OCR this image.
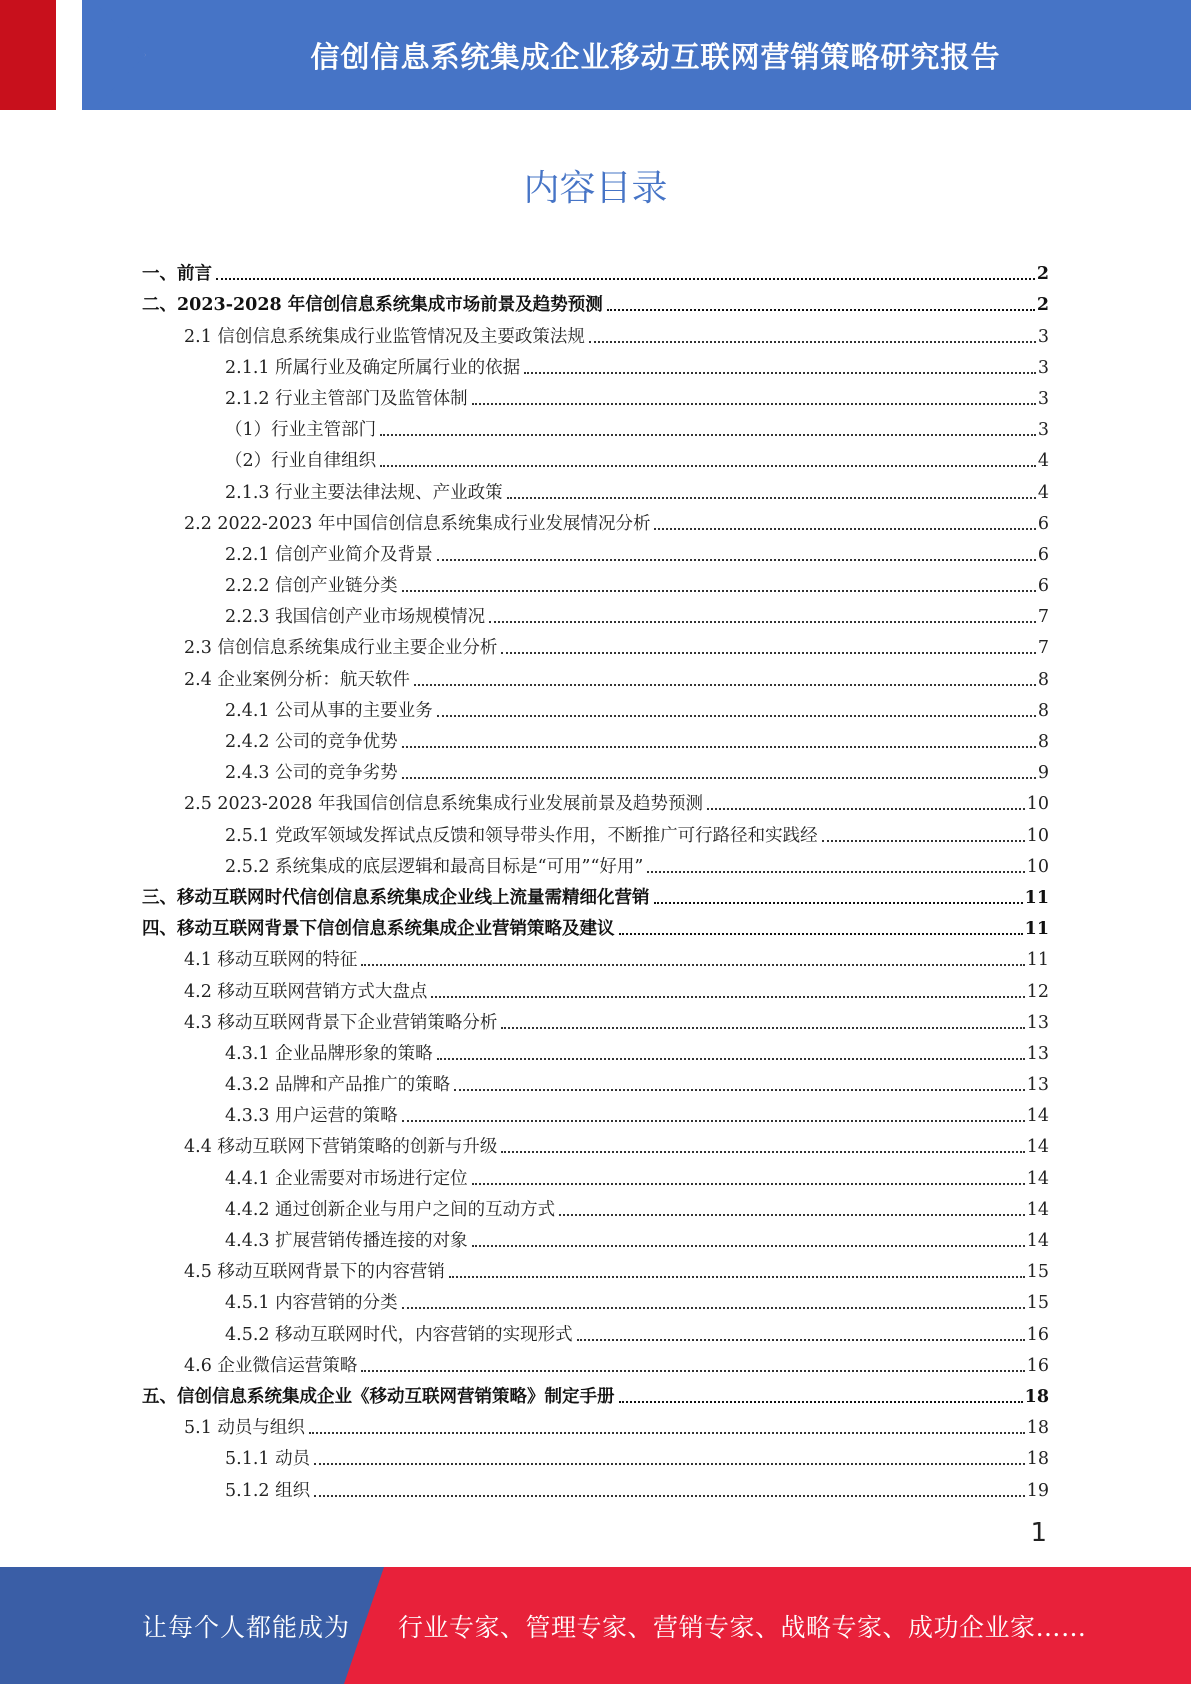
信创信息系统集成企业移动互联网营销策略研究报告
内容目录
一、前言	2
二、2023-2028 年信创信息系统集成市场前景及趋势预测	2
2.1 信创信息系统集成行业监管情况及主要政策法规	3
2.1.1 所属行业及确定所属行业的依据	3
2.1.2 行业主管部门及监管体制	3
（1）行业主管部门	3
（2）行业自律组织	4
2.1.3 行业主要法律法规、产业政策	4
2.2 2022-2023 年中国信创信息系统集成行业发展情况分析	6
2.2.1 信创产业简介及背景	6
2.2.2 信创产业链分类	6
2.2.3 我国信创产业市场规模情况	7
2.3 信创信息系统集成行业主要企业分析	7
2.4 企业案例分析：航天软件	8
2.4.1 公司从事的主要业务	8
2.4.2 公司的竞争优势	8
2.4.3 公司的竞争劣势	9
2.5 2023-2028 年我国信创信息系统集成行业发展前景及趋势预测	10
2.5.1 党政军领域发挥试点反馈和领导带头作用，不断推广可行路径和实践经	10
2.5.2 系统集成的底层逻辑和最高目标是“可用”“好用”	10
三、移动互联网时代信创信息系统集成企业线上流量需精细化营销	11
四、移动互联网背景下信创信息系统集成企业营销策略及建议	11
4.1 移动互联网的特征	11
4.2 移动互联网营销方式大盘点	12
4.3 移动互联网背景下企业营销策略分析	13
4.3.1 企业品牌形象的策略	13
4.3.2 品牌和产品推广的策略	13
4.3.3 用户运营的策略	14
4.4 移动互联网下营销策略的创新与升级	14
4.4.1 企业需要对市场进行定位	14
4.4.2 通过创新企业与用户之间的互动方式	14
4.4.3 扩展营销传播连接的对象	14
4.5 移动互联网背景下的内容营销	15
4.5.1 内容营销的分类	15
4.5.2 移动互联网时代，内容营销的实现形式	16
4.6 企业微信运营策略	16
五、信创信息系统集成企业《移动互联网营销策略》制定手册	18
5.1 动员与组织	18
5.1.1 动员	18
5.1.2 组织	19
1
让每个人都能成为 行业专家、管理专家、营销专家、战略专家、成功企业家……
